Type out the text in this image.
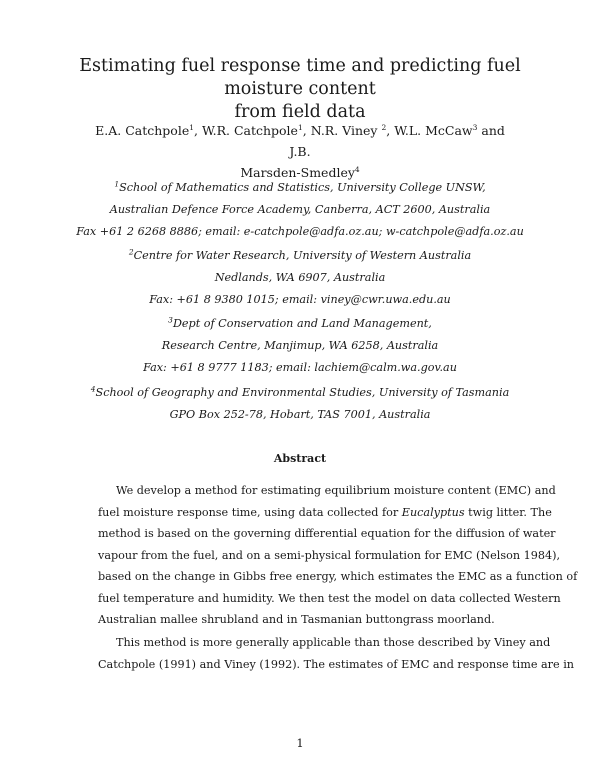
Estimating fuel response time and predicting fuel moisture content
from field data
E.A. Catchpole$^1$, W.R. Catchpole$^1$, N.R. Viney $^2$, W.L. McCaw$^3$ and J.B.
Marsden-Smedley$^4$
$^1$School of Mathematics and Statistics, University College UNSW,
Australian Defence Force Academy, Canberra, ACT 2600, Australia
Fax +61 2 6268 8886; email: e-catchpole@adfa.oz.au; w-catchpole@adfa.oz.au
$^2$Centre for Water Research, University of Western Australia
Nedlands, WA 6907, Australia
Fax: +61 8 9380 1015; email: viney@cwr.uwa.edu.au
$^3$Dept of Conservation and Land Management,
Research Centre, Manjimup, WA 6258, Australia
Fax: +61 8 9777 1183; email: lachiem@calm.wa.gov.au
$^4$School of Geography and Environmental Studies, University of Tasmania
GPO Box 252-78, Hobart, TAS 7001, Australia
Abstract
We develop a method for estimating equilibrium moisture content (EMC) and
fuel moisture response time, using data collected for Eucalyptus twig litter. The
method is based on the governing differential equation for the diffusion of water
vapour from the fuel, and on a semi-physical formulation for EMC (Nelson 1984),
based on the change in Gibbs free energy, which estimates the EMC as a function of
fuel temperature and humidity. We then test the model on data collected Western
Australian mallee shrubland and in Tasmanian buttongrass moorland.
This method is more generally applicable than those described by Viney and
Catchpole (1991) and Viney (1992). The estimates of EMC and response time are in
1
